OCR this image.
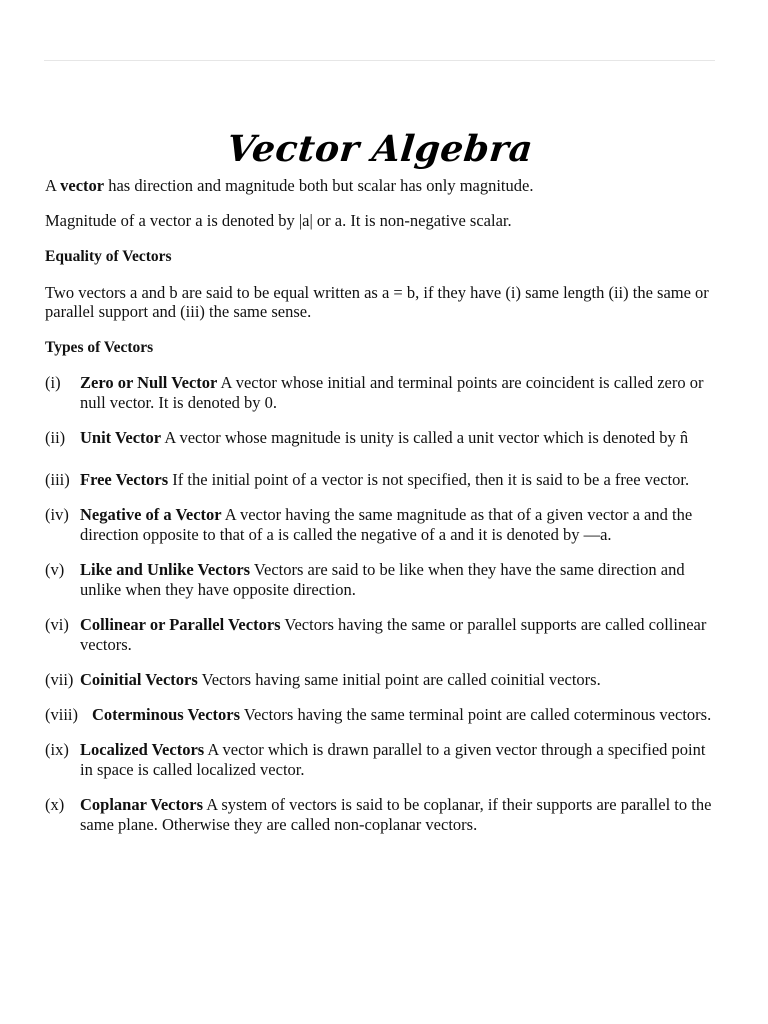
Vector Algebra

A vector has direction and magnitude both but scalar has only magnitude.

Magnitude of a vector a is denoted by |a| or a. It is non-negative scalar.

Equality of Vectors

Two vectors a and b are said to be equal written as a = b, if they have (i) same length (ii) the same or parallel support and (iii) the same sense.

Types of Vectors

(i)	Zero or Null Vector A vector whose initial and terminal points are coincident is called zero or null vector. It is denoted by 0.
(ii) Unit Vector A vector whose magnitude is unity is called a unit vector which is denoted by n̂
(iii) Free Vectors If the initial point of a vector is not specified, then it is said to be a free vector.
(iv) Negative of a Vector A vector having the same magnitude as that of a given vector a and the direction opposite to that of a is called the negative of a and it is denoted by —a.
(v) Like and Unlike Vectors Vectors are said to be like when they have the same direction and unlike when they have opposite direction.
(vi) Collinear or Parallel Vectors Vectors having the same or parallel supports are called collinear vectors.
(vii) Coinitial Vectors Vectors having same initial point are called coinitial vectors.
(viii) Coterminous Vectors Vectors having the same terminal point are called coterminous vectors.
(ix) Localized Vectors A vector which is drawn parallel to a given vector through a specified point in space is called localized vector.
(x) Coplanar Vectors A system of vectors is said to be coplanar, if their supports are parallel to the same plane. Otherwise they are called non-coplanar vectors.
